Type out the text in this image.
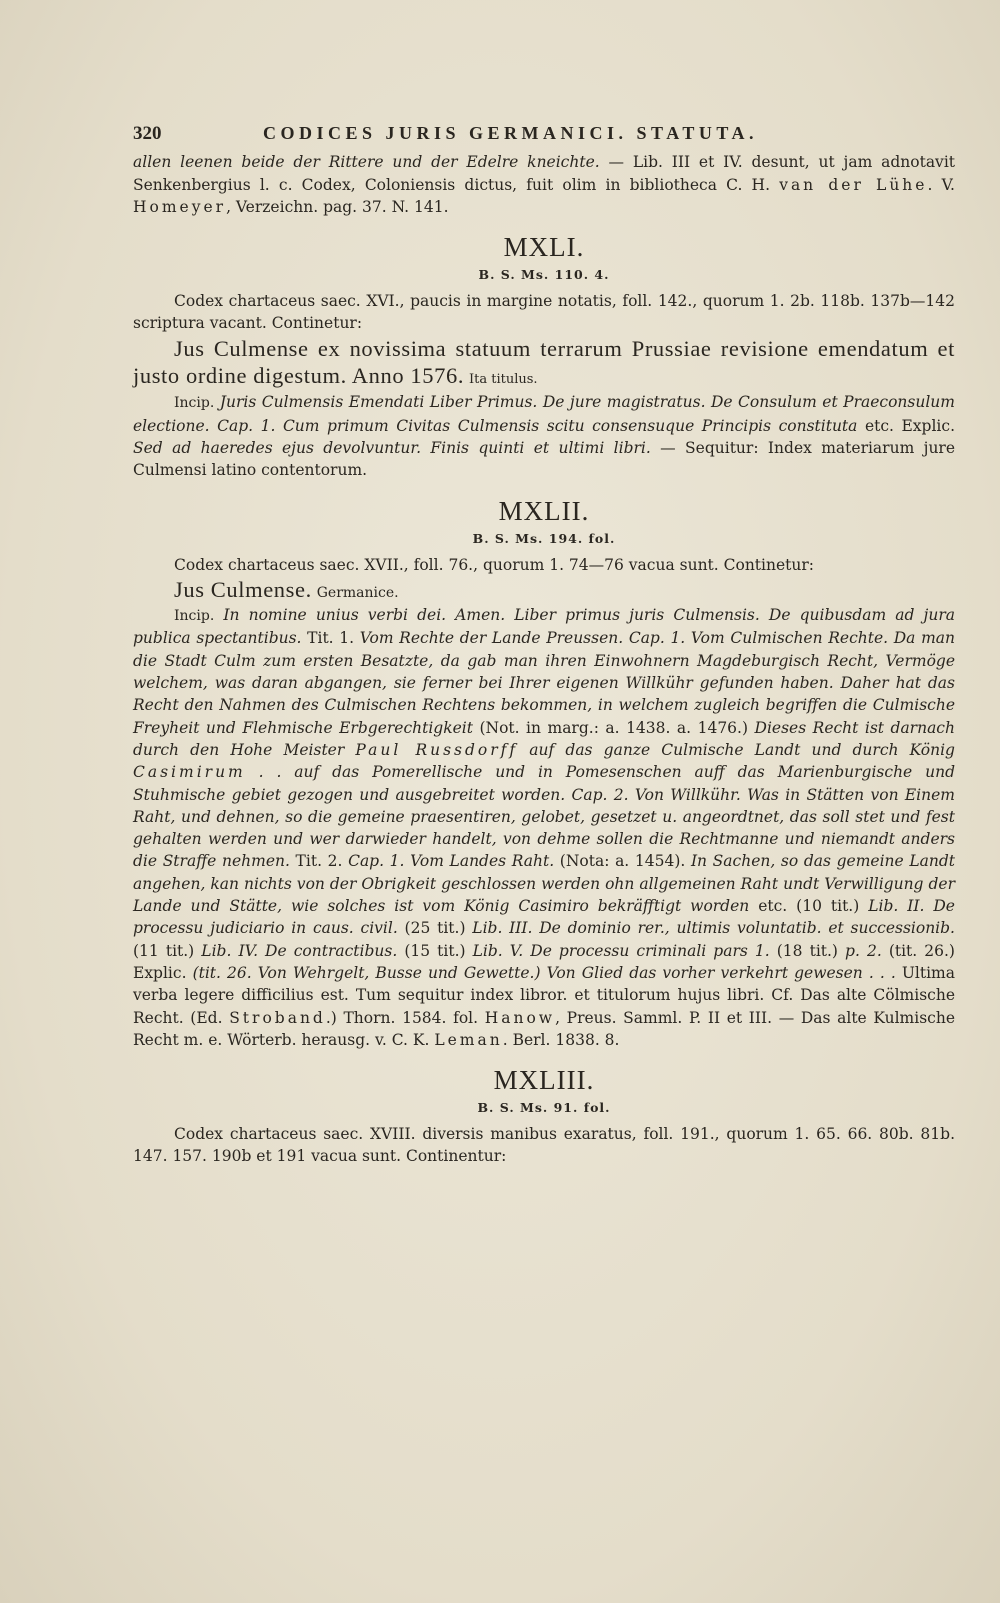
320	CODICES JURIS GERMANICI. STATUTA.

allen leenen beide der Rittere und der Edelre kneichte. — Lib. III et IV. desunt, ut jam adnotavit Senkenbergius l. c. Codex, Coloniensis dictus, fuit olim in bibliotheca C. H. van der Lühe. V. Homeyer, Verzeichn. pag. 37. N. 141.

MXLI.
B. S. Ms. 110. 4.

Codex chartaceus saec. XVI., paucis in margine notatis, foll. 142., quorum 1. 2b. 118b. 137b—142 scriptura vacant. Continetur:

Jus Culmense ex novissima statuum terrarum Prussiae revisione emendatum et justo ordine digestum. Anno 1576. Ita titulus.

Incip. Juris Culmensis Emendati Liber Primus. De jure magistratus. De Consulum et Praeconsulum electione. Cap. 1. Cum primum Civitas Culmensis scitu consensuque Principis constituta etc. Explic. Sed ad haeredes ejus devolvuntur. Finis quinti et ultimi libri. — Sequitur: Index materiarum jure Culmensi latino contentorum.

MXLII.
B. S. Ms. 194. fol.

Codex chartaceus saec. XVII., foll. 76., quorum 1. 74—76 vacua sunt. Continetur:

Jus Culmense. Germanice.

Incip. In nomine unius verbi dei. Amen. Liber primus juris Culmensis. De quibusdam ad jura publica spectantibus. Tit. 1. Vom Rechte der Lande Preussen. Cap. 1. Vom Culmischen Rechte. Da man die Stadt Culm zum ersten Besatzte, da gab man ihren Einwohnern Magdeburgisch Recht, Vermöge welchem, was daran abgangen, sie ferner bei Ihrer eigenen Willkühr gefunden haben. Daher hat das Recht den Nahmen des Culmischen Rechtens bekommen, in welchem zugleich begriffen die Culmische Freyheit und Flehmische Erbgerechtigkeit (Not. in marg.: a. 1438. a. 1476.) Dieses Recht ist darnach durch den Hohe Meister Paul Russdorff auf das ganze Culmische Landt und durch König Casimirum . . auf das Pomerellische und in Pomesenschen auff das Marienburgische und Stuhmische gebiet gezogen und ausgebreitet worden. Cap. 2. Von Willkühr. Was in Stätten von Einem Raht, und dehnen, so die gemeine praesentiren, gelobet, gesetzet u. angeordtnet, das soll stet und fest gehalten werden und wer darwieder handelt, von dehme sollen die Rechtmanne und niemandt anders die Straffe nehmen. Tit. 2. Cap. 1. Vom Landes Raht. (Nota: a. 1454). In Sachen, so das gemeine Landt angehen, kan nichts von der Obrigkeit geschlossen werden ohn allgemeinen Raht undt Verwilligung der Lande und Stätte, wie solches ist vom König Casimiro bekräfftigt worden etc. (10 tit.) Lib. II. De processu judiciario in caus. civil. (25 tit.) Lib. III. De dominio rer., ultimis voluntatib. et successionib. (11 tit.) Lib. IV. De contractibus. (15 tit.) Lib. V. De processu criminali pars 1. (18 tit.) p. 2. (tit. 26.) Explic. (tit. 26. Von Wehrgelt, Busse und Gewette.) Von Glied das vorher verkehrt gewesen . . . Ultima verba legere difficilius est. Tum sequitur index libror. et titulorum hujus libri. Cf. Das alte Cölmische Recht. (Ed. Stroband.) Thorn. 1584. fol. Hanow, Preus. Samml. P. II et III. — Das alte Kulmische Recht m. e. Wörterb. herausg. v. C. K. Leman. Berl. 1838. 8.

MXLIII.
B. S. Ms. 91. fol.

Codex chartaceus saec. XVIII. diversis manibus exaratus, foll. 191., quorum 1. 65. 66. 80b. 81b. 147. 157. 190b et 191 vacua sunt. Continentur:
